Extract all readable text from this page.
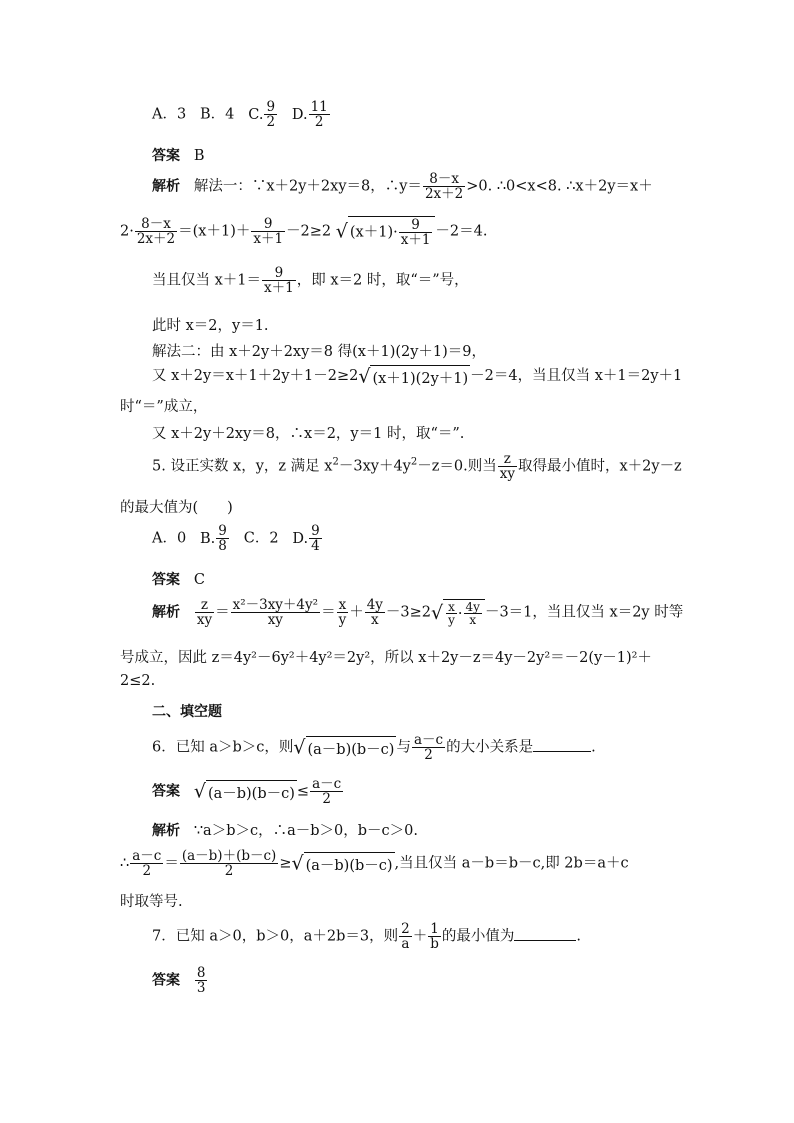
A．3 B．4 C. $\frac{9}{2} D$. $\frac{11}{2}$
答案 B
解析 解法一：∵x＋2y＋2xy＝8，∴y＝ $\frac{8-x}{2x+2} >0$. ∴0<x<8. ∴x＋2y＝x＋
$2\cdot \frac{8-x}{2x+2} =(x+1)+ \frac{9}{x+1} -2\ge 2$ √ $(x+1)\cdot \frac{9}{x+1} -2=4$.
当且仅当 $x+1= \frac{9}{x+1}$ ，即 x＝2 时，取“＝”号，
此时 x＝2，y＝1.
解法二：由 x＋2y＋2xy＝8 得(x＋1)(2y＋1)＝9，
又 x＋2y＝x＋1＋2y＋1－2≥2√ (x＋1)(2y＋1) －2＝4，当且仅当 x＋1＝2y＋1
时“＝”成立，
又 x＋2y＋2xy＝8，∴x＝2，y＝1 时，取“＝”.
5. 设正实数 x，y，z 满足 $x^2-3xy+4y^2-z=0$.则当 $\frac{z}{xy}$ 取得最小值时，x＋2y－z
的最大值为(　　)
A．0 B. $\frac{9}{8}$ C．2 D. $\frac{9}{4}$
答案 C
解析 $\frac{z}{xy} = \frac{\text{x²－3xy＋4y²}}{xy} = \frac{x}{y} + \frac{4y}{x} -3\ge 2√ \frac{x}{y} \cdot \frac{4y}{x} -3=1$，当且仅当 x＝2y 时等
号成立，因此 z＝4y²－6y²＋4y²＝2y²，所以 x＋2y－z＝4y－2y²＝－2(y－1)²＋
2≤2.
二、填空题
6．已知 a＞b＞c，则√ (a－b)(b－c) 与 $\frac{a-c}{2}$ 的大小关系是	.
答案 √ $(a-b)(b-c) \le \frac{a-c}{2}$
解析 ∵a＞b＞c，∴a－b＞0，b－c＞0.
∴ $\frac{a-c}{2} = \frac{(a-b)+(b-c)}{2}$ ≥√ (a－b)(b－c) ,当且仅当 a－b＝b－c,即 2b＝a＋c
时取等号.
7．已知 a＞0，b＞0，a＋2b＝3，则 $\frac{2}{a} + \frac{1}{b}$ 的最小值为	.
答案 $\frac{8}{3}$
